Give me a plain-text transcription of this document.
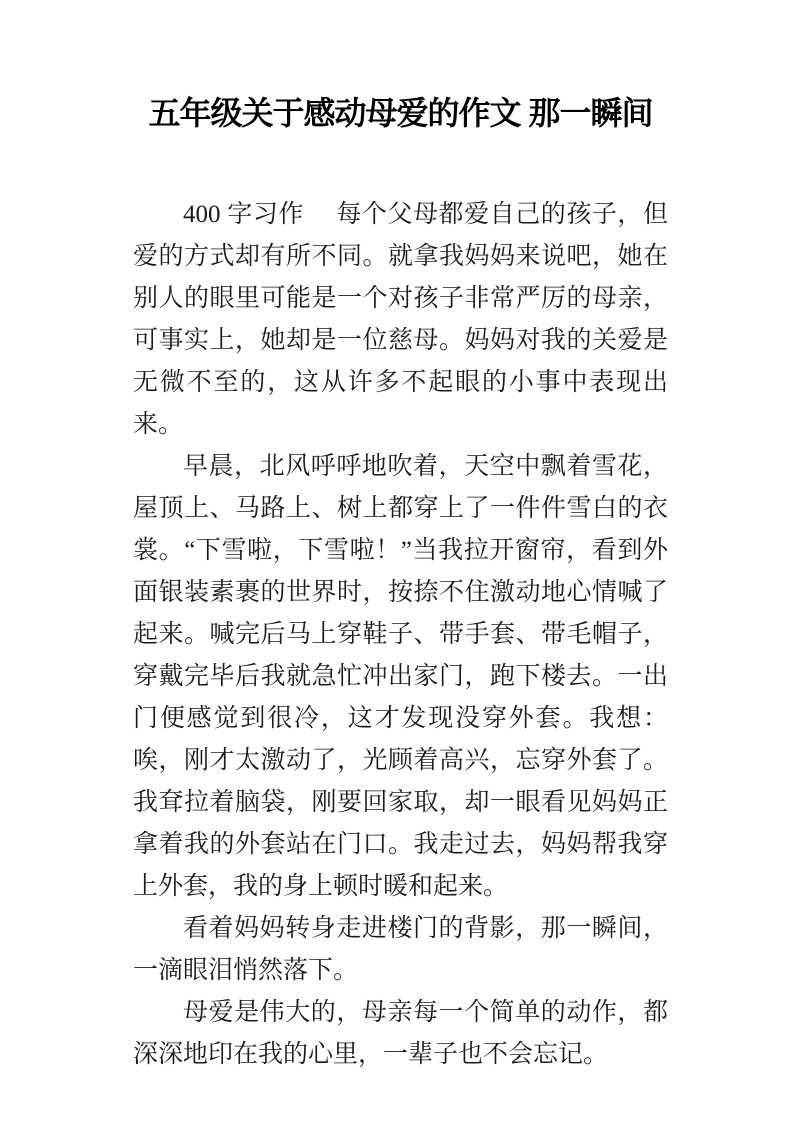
五年级关于感动母爱的作文 那一瞬间

400 字习作　 每个父母都爱自己的孩子，但爱的方式却有所不同。就拿我妈妈来说吧，她在别人的眼里可能是一个对孩子非常严厉的母亲，可事实上，她却是一位慈母。妈妈对我的关爱是无微不至的，这从许多不起眼的小事中表现出来。

早晨，北风呼呼地吹着，天空中飘着雪花，屋顶上、马路上、树上都穿上了一件件雪白的衣裳。“下雪啦，下雪啦！”当我拉开窗帘，看到外面银装素裹的世界时，按捺不住激动地心情喊了起来。喊完后马上穿鞋子、带手套、带毛帽子，穿戴完毕后我就急忙冲出家门，跑下楼去。一出门便感觉到很冷，这才发现没穿外套。我想：唉，刚才太激动了，光顾着高兴，忘穿外套了。我耷拉着脑袋，刚要回家取，却一眼看见妈妈正拿着我的外套站在门口。我走过去，妈妈帮我穿上外套，我的身上顿时暖和起来。

看着妈妈转身走进楼门的背影，那一瞬间，一滴眼泪悄然落下。

母爱是伟大的，母亲每一个简单的动作，都深深地印在我的心里，一辈子也不会忘记。
